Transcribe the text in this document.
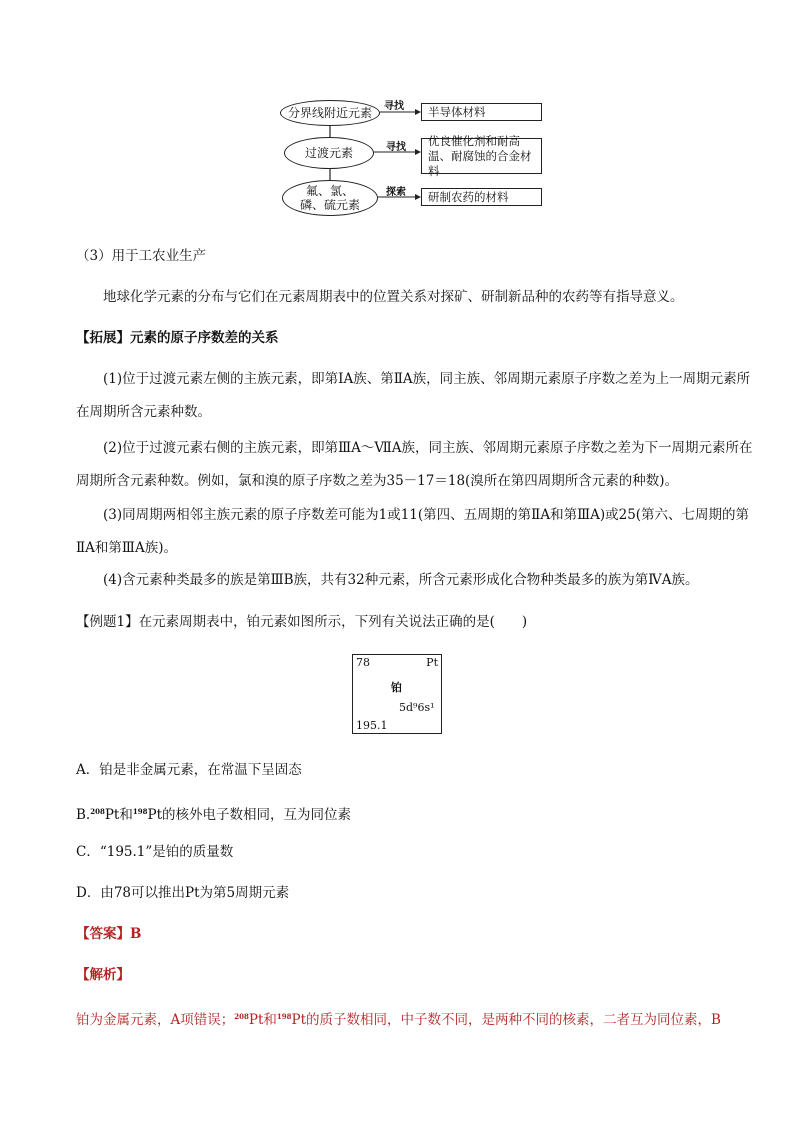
分界线附近元素
过渡元素
氟、氯、磷、硫元素
寻找
寻找
探索
半导体材料
优良催化剂和耐高温、耐腐蚀的合金材料
研制农药的材料
（3）用于工农业生产
地球化学元素的分布与它们在元素周期表中的位置关系对探矿、研制新品种的农药等有指导意义。
【拓展】元素的原子序数差的关系
(1)位于过渡元素左侧的主族元素，即第ⅠA族、第ⅡA族，同主族、邻周期元素原子序数之差为上一周期元素所在周期所含元素种数。
(2)位于过渡元素右侧的主族元素，即第ⅢA～ⅦA族，同主族、邻周期元素原子序数之差为下一周期元素所在周期所含元素种数。例如，氯和溴的原子序数之差为35－17＝18(溴所在第四周期所含元素的种数)。
(3)同周期两相邻主族元素的原子序数差可能为1或11(第四、五周期的第ⅡA和第ⅢA)或25(第六、七周期的第ⅡA和第ⅢA族)。
(4)含元素种类最多的族是第ⅢB族，共有32种元素，所含元素形成化合物种类最多的族为第ⅣA族。
【例题1】在元素周期表中，铂元素如图所示，下列有关说法正确的是(　　)
78	Pt
铂
5d⁹6s¹
195.1
A．铂是非金属元素，在常温下呈固态
B.$^{208}$Pt和$^{198}$Pt的核外电子数相同，互为同位素
C．“195.1”是铂的质量数
D．由78可以推出Pt为第5周期元素
【答案】B
【解析】
铂为金属元素，A项错误；$^{208}$Pt和$^{198}$Pt的质子数相同，中子数不同，是两种不同的核素，二者互为同位素，B
